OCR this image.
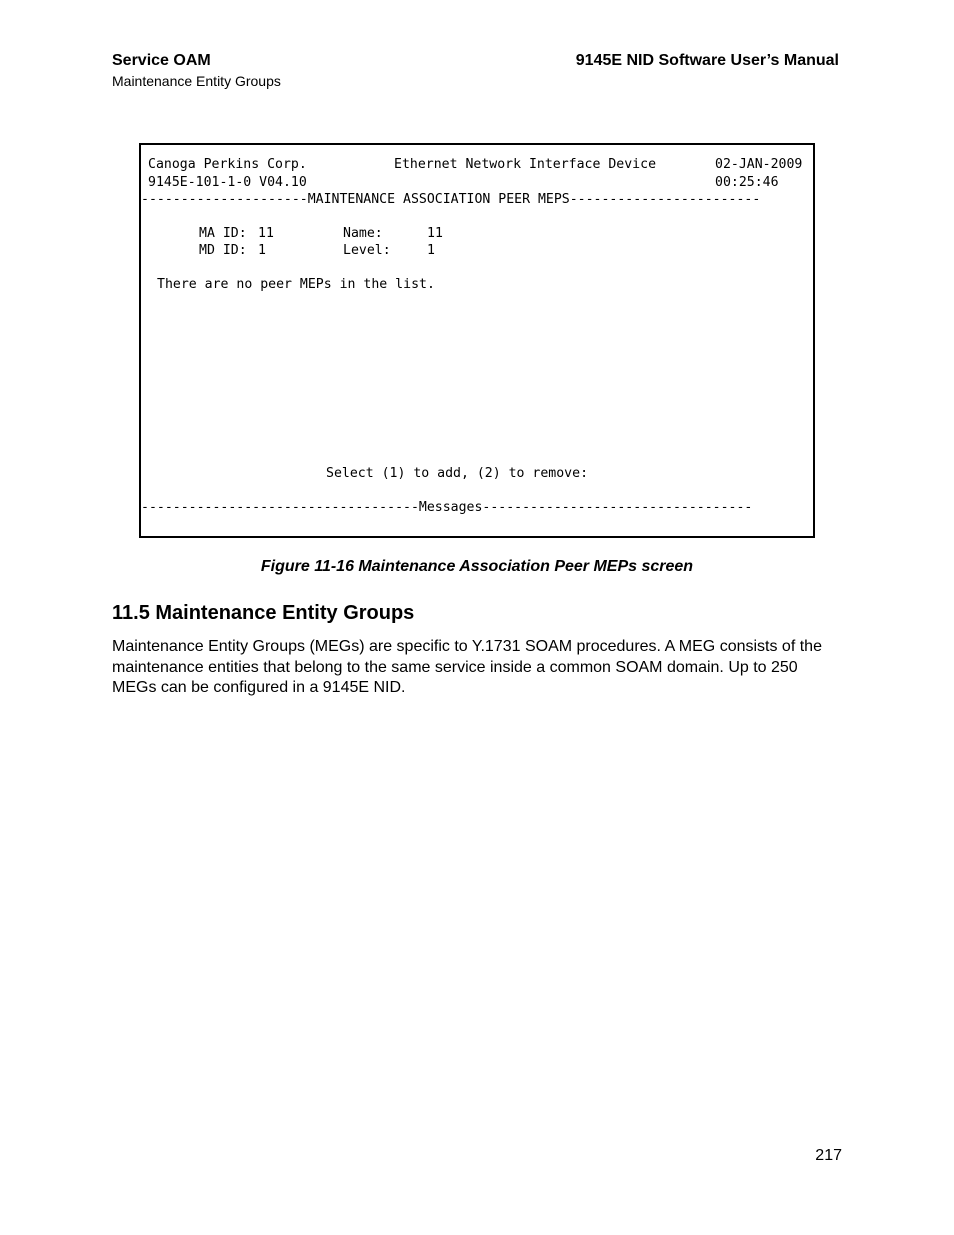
Service OAM
Maintenance Entity Groups
9145E NID Software User’s Manual
Canoga Perkins Corp.	Ethernet Network Interface Device	02-JAN-2009
9145E-101-1-0 V04.10	00:25:46
---------------------MAINTENANCE ASSOCIATION PEER MEPS------------------------
MA ID: 11	Name:	11
MD ID: 1	Level:	1
There are no peer MEPs in the list.
Select (1) to add, (2) to remove:
-----------------------------------Messages----------------------------------
Figure 11-16 Maintenance Association Peer MEPs screen
11.5 Maintenance Entity Groups
Maintenance Entity Groups (MEGs) are specific to Y.1731 SOAM procedures. A MEG consists of the maintenance entities that belong to the same service inside a common SOAM domain. Up to 250 MEGs can be configured in a 9145E NID.
217
